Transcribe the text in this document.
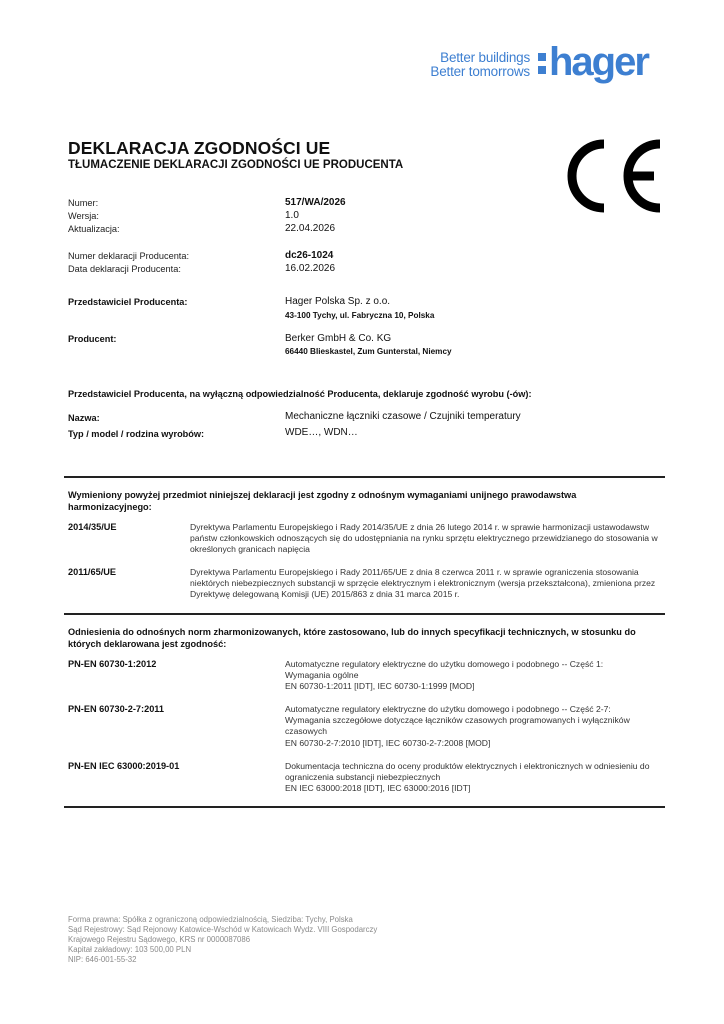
Better buildings
Better tomorrows hager
DEKLARACJA ZGODNOŚCI UE
TŁUMACZENIE DEKLARACJI ZGODNOŚCI UE PRODUCENTA
Numer:	517/WA/2026
Wersja:	1.0
Aktualizacja:	22.04.2026
Numer deklaracji Producenta:	dc26-1024
Data deklaracji Producenta:	16.02.2026
Przedstawiciel Producenta:	Hager Polska Sp. z o.o.
43-100 Tychy, ul. Fabryczna 10, Polska
Producent:	Berker GmbH & Co. KG
66440 Blieskastel, Zum Gunterstal, Niemcy
Przedstawiciel Producenta, na wyłączną odpowiedzialność Producenta, deklaruje zgodność wyrobu (-ów):
Nazwa:	Mechaniczne łączniki czasowe / Czujniki temperatury
Typ / model / rodzina wyrobów:	WDE…, WDN…
Wymieniony powyżej przedmiot niniejszej deklaracji jest zgodny z odnośnym wymaganiami unijnego prawodawstwa harmonizacyjnego:
2014/35/UE	Dyrektywa Parlamentu Europejskiego i Rady 2014/35/UE z dnia 26 lutego 2014 r. w sprawie harmonizacji ustawodawstw państw członkowskich odnoszących się do udostępniania na rynku sprzętu elektrycznego przewidzianego do stosowania w określonych granicach napięcia
2011/65/UE	Dyrektywa Parlamentu Europejskiego i Rady 2011/65/UE z dnia 8 czerwca 2011 r. w sprawie ograniczenia stosowania niektórych niebezpiecznych substancji w sprzęcie elektrycznym i elektronicznym (wersja przekształcona), zmieniona przez Dyrektywę delegowaną Komisji (UE) 2015/863 z dnia 31 marca 2015 r.
Odniesienia do odnośnych norm zharmonizowanych, które zastosowano, lub do innych specyfikacji technicznych, w stosunku do których deklarowana jest zgodność:
PN-EN 60730-1:2012	Automatyczne regulatory elektryczne do użytku domowego i podobnego -- Część 1:
Wymagania ogólne
EN 60730-1:2011 [IDT], IEC 60730-1:1999 [MOD]
PN-EN 60730-2-7:2011	Automatyczne regulatory elektryczne do użytku domowego i podobnego -- Część 2-7:
Wymagania szczegółowe dotyczące łączników czasowych programowanych i wyłączników czasowych
EN 60730-2-7:2010 [IDT], IEC 60730-2-7:2008 [MOD]
PN-EN IEC 63000:2019-01	Dokumentacja techniczna do oceny produktów elektrycznych i elektronicznych w odniesieniu do ograniczenia substancji niebezpiecznych
EN IEC 63000:2018 [IDT], IEC 63000:2016 [IDT]
Forma prawna: Spółka z ograniczoną odpowiedzialnością, Siedziba: Tychy, Polska
Sąd Rejestrowy: Sąd Rejonowy Katowice-Wschód w Katowicach Wydz. VIII Gospodarczy
Krajowego Rejestru Sądowego, KRS nr 0000087086
Kapitał zakładowy: 103 500,00 PLN
NIP: 646-001-55-32
